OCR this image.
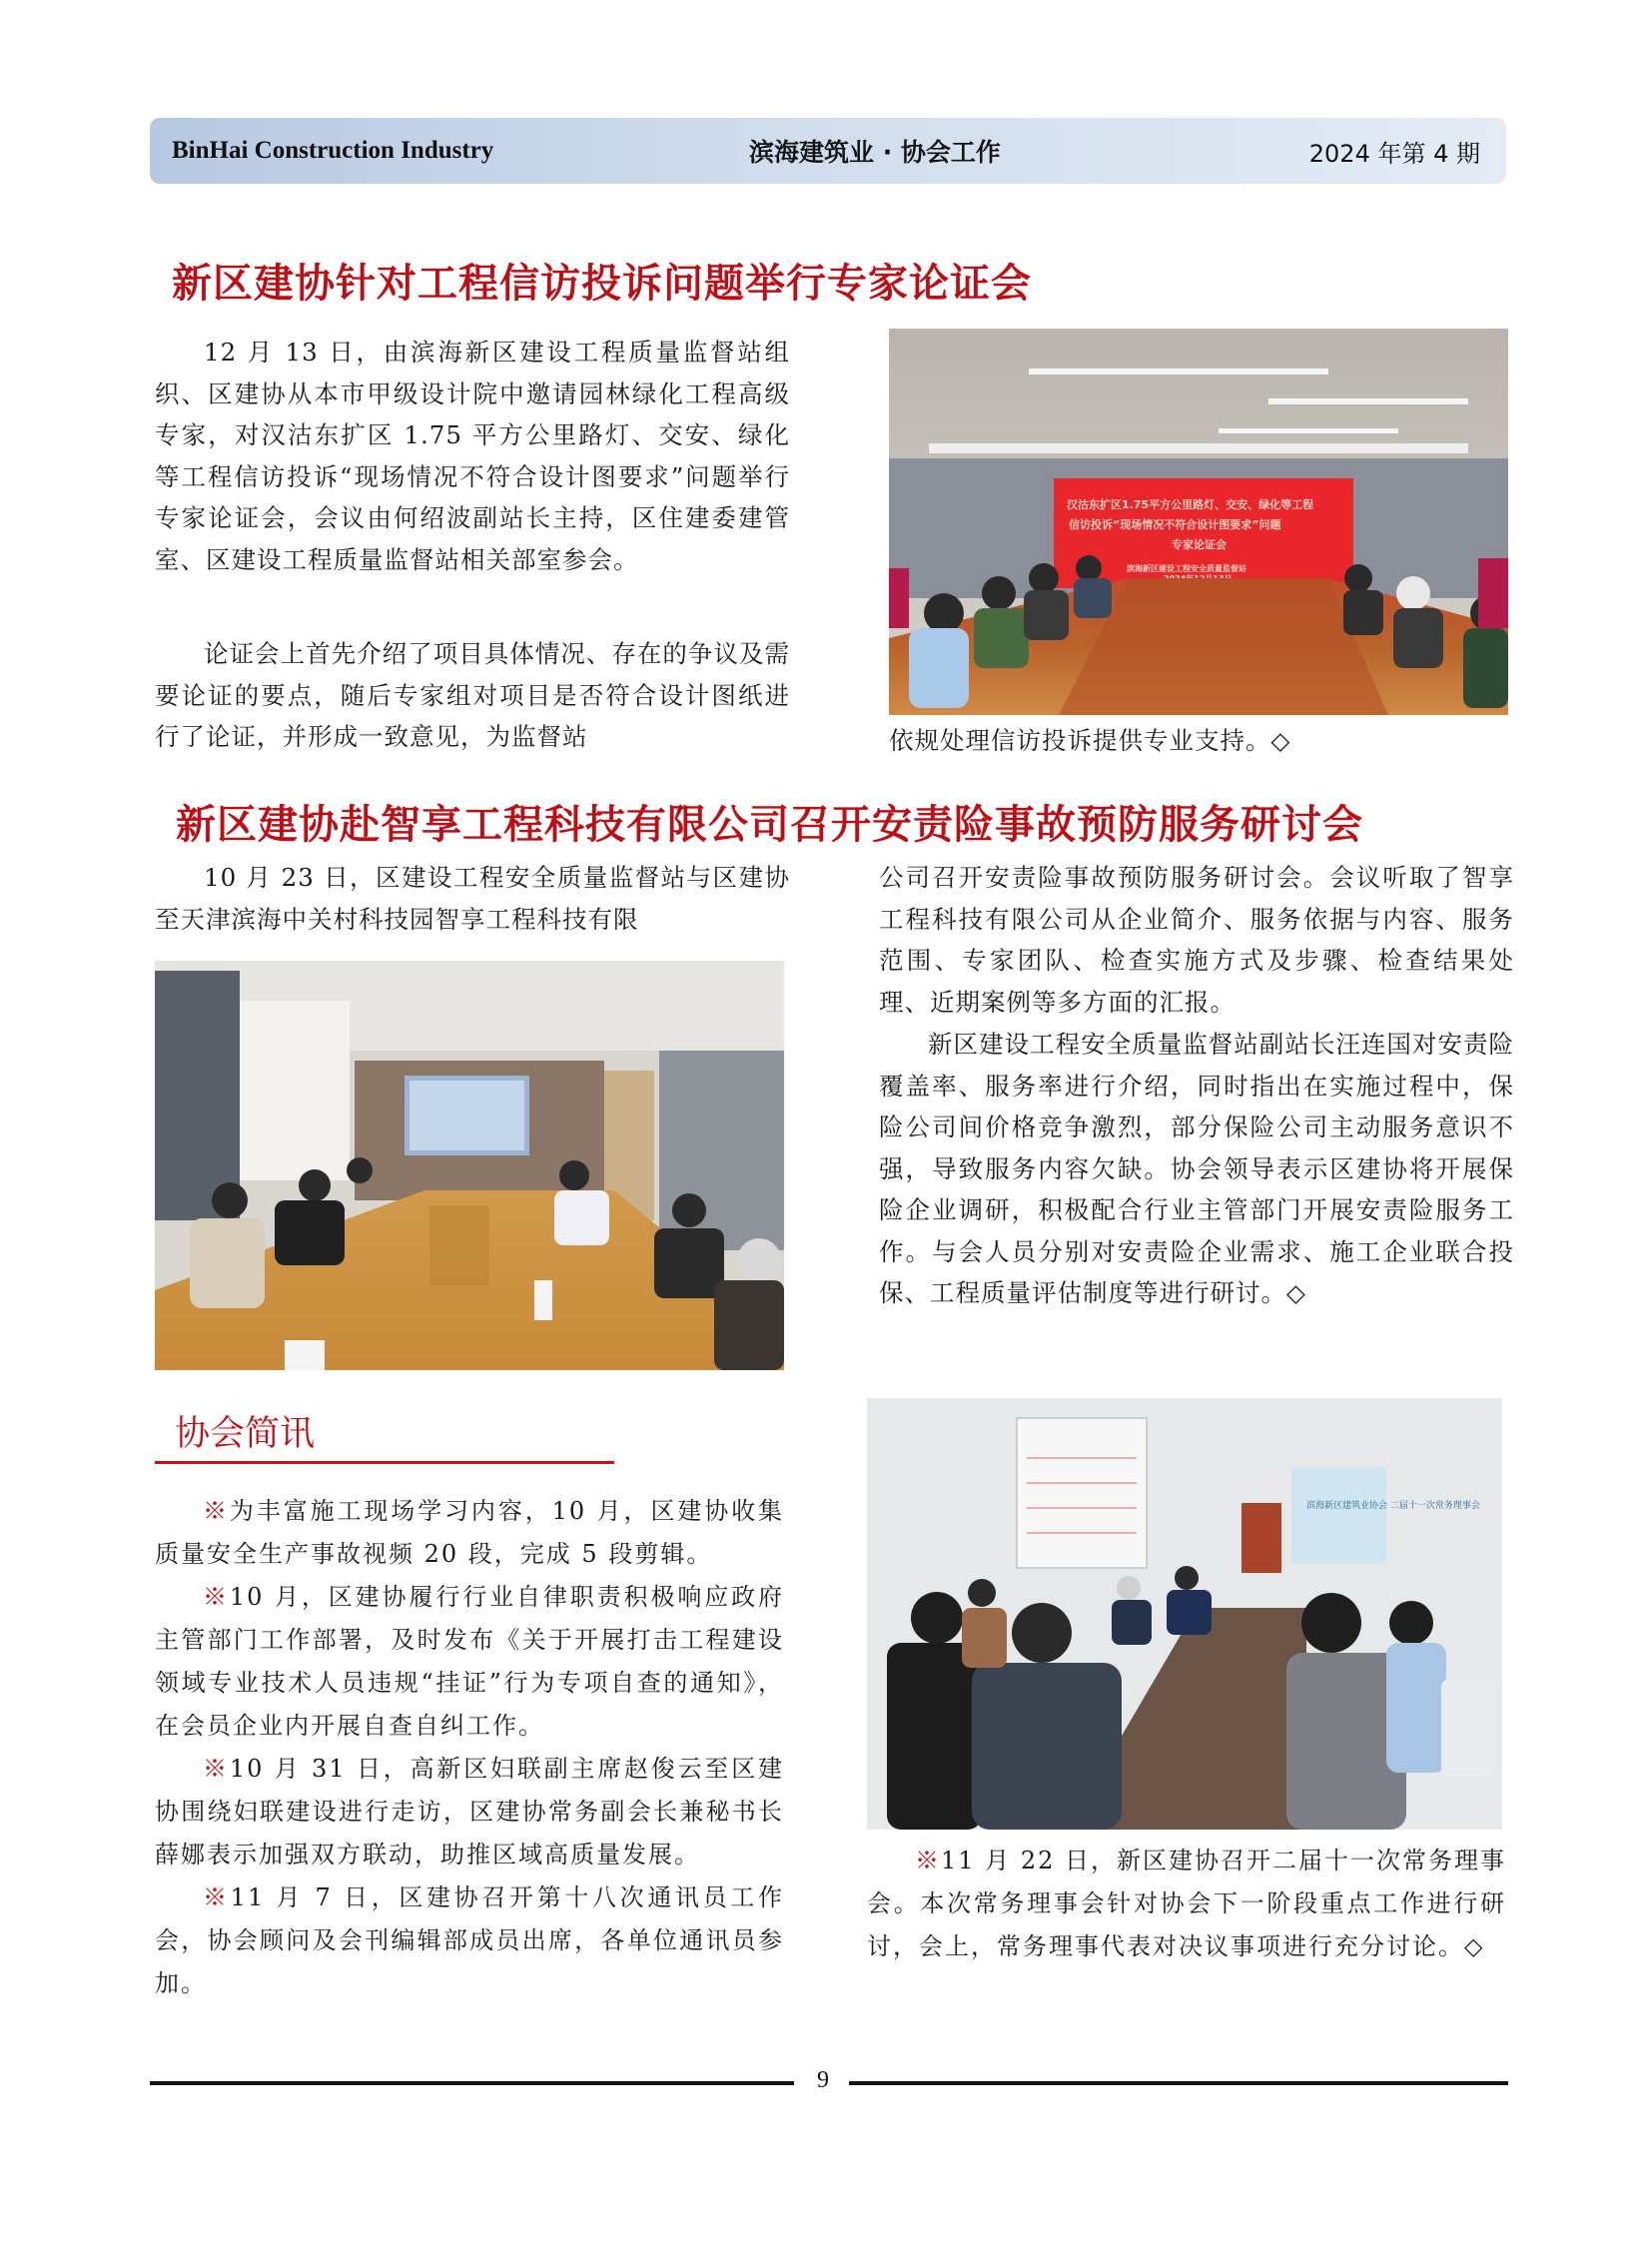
BinHai Construction Industry	滨海建筑业 · 协会工作	2024 年第 4 期
新区建协针对工程信访投诉问题举行专家论证会

12 月 13 日，由滨海新区建设工程质量监督站组织、区建协从本市甲级设计院中邀请园林绿化工程高级专家，对汉沽东扩区 1.75 平方公里路灯、交安、绿化等工程信访投诉“现场情况不符合设计图要求”问题举行专家论证会，会议由何绍波副站长主持，区住建委建管室、区建设工程质量监督站相关部室参会。

论证会上首先介绍了项目具体情况、存在的争议及需要论证的要点，随后专家组对项目是否符合设计图纸进行了论证，并形成一致意见，为监督站

汉沽东扩区1.75平方公里路灯、交安、绿化等工程
信访投诉“现场情况不符合设计图要求”问题
专家论证会
滨海新区建设工程安全质量监督站
依规处理信访投诉提供专业支持。◇
新区建协赴智享工程科技有限公司召开安责险事故预防服务研讨会

10 月 23 日，区建设工程安全质量监督站与区建协至天津滨海中关村科技园智享工程科技有限

公司召开安责险事故预防服务研讨会。会议听取了智享工程科技有限公司从企业简介、服务依据与内容、服务范围、专家团队、检查实施方式及步骤、检查结果处理、近期案例等多方面的汇报。

新区建设工程安全质量监督站副站长汪连国对安责险覆盖率、服务率进行介绍，同时指出在实施过程中，保险公司间价格竞争激烈，部分保险公司主动服务意识不强，导致服务内容欠缺。协会领导表示区建协将开展保险企业调研，积极配合行业主管部门开展安责险服务工作。与会人员分别对安责险企业需求、施工企业联合投保、工程质量评估制度等进行研讨。◇

协会简讯

※为丰富施工现场学习内容，10 月，区建协收集质量安全生产事故视频 20 段，完成 5 段剪辑。

※10 月，区建协履行行业自律职责积极响应政府主管部门工作部署，及时发布《关于开展打击工程建设领域专业技术人员违规“挂证”行为专项自查的通知》，在会员企业内开展自查自纠工作。

※10 月 31 日，高新区妇联副主席赵俊云至区建协围绕妇联建设进行走访，区建协常务副会长兼秘书长薛娜表示加强双方联动，助推区域高质量发展。

※11 月 7 日，区建协召开第十八次通讯员工作会，协会顾问及会刊编辑部成员出席，各单位通讯员参加。

滨海新区建筑业协会 二届十一次常务理事会

※11 月 22 日，新区建协召开二届十一次常务理事会。本次常务理事会针对协会下一阶段重点工作进行研讨，会上，常务理事代表对决议事项进行充分讨论。◇

9
